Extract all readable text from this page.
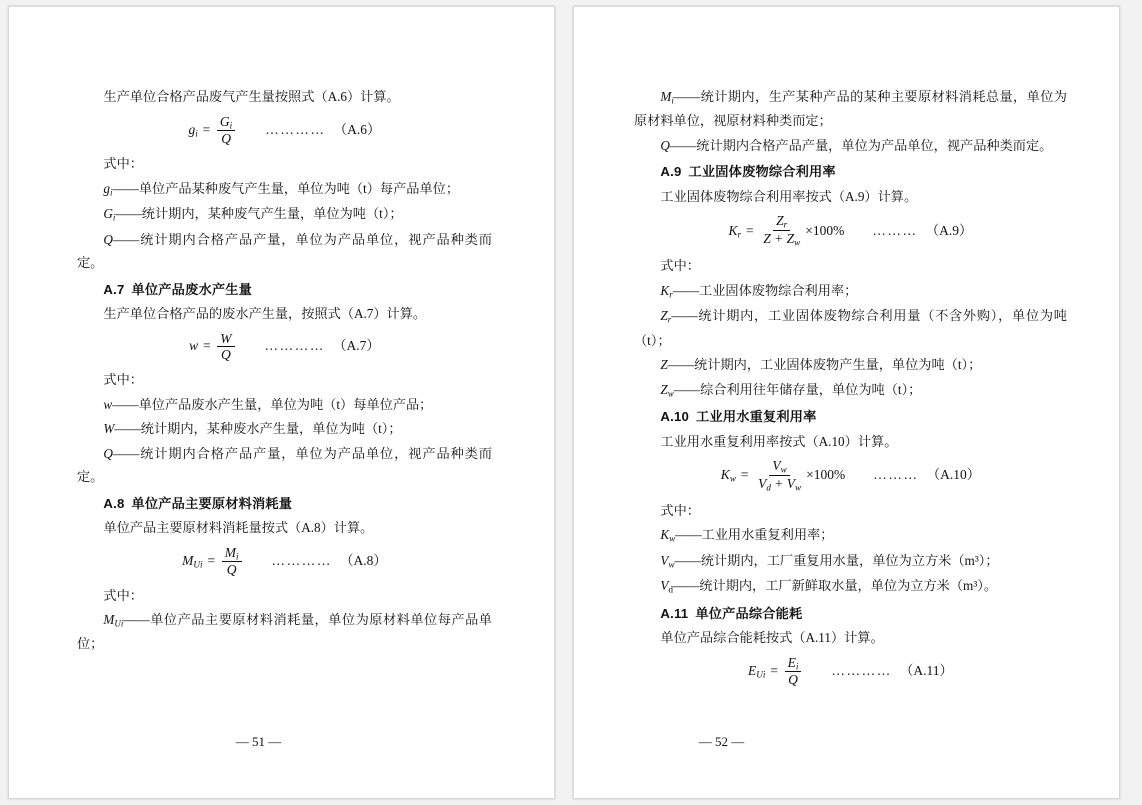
生产单位合格产品废气产生量按照式（A.6）计算。

$g_i = \frac{G_i}{Q}$ ………… （A.6）

式中：

$g_i——$单位产品某种废气产生量，单位为吨（t）每产品单位；

$G_i——$统计期内，某种废气产生量，单位为吨（t）；

Q——统计期内合格产品产量，单位为产品单位，视产品种类而定。

A.7 单位产品废水产生量

生产单位合格产品的废水产生量，按照式（A.7）计算。

$w = \frac{W}{Q}$ ………… （A.7）

式中：

w——单位产品废水产生量，单位为吨（t）每单位产品；

W——统计期内，某种废水产生量，单位为吨（t）；

Q——统计期内合格产品产量，单位为产品单位，视产品种类而定。

A.8 单位产品主要原材料消耗量

单位产品主要原材料消耗量按式（A.8）计算。

$M_{Ui} = \frac{M_i}{Q}$ ………… （A.8）

式中：

$M_{Ui}——$单位产品主要原材料消耗量，单位为原材料单位每产品单位；

— 51 —

$M_i——$统计期内，生产某种产品的某种主要原材料消耗总量，单位为原材料单位，视原材料种类而定；

Q——统计期内合格产品产量，单位为产品单位，视产品种类而定。

A.9 工业固体废物综合利用率

工业固体废物综合利用率按式（A.9）计算。

$K_r = \frac{Z_r}{Z + Z_w} \times 100\%$ ……… （A.9）

式中：

$K_r——$工业固体废物综合利用率；

$Z_r——$统计期内，工业固体废物综合利用量（不含外购），单位为吨（t）；

Z——统计期内，工业固体废物产生量，单位为吨（t）；

$Z_w——$综合利用往年储存量，单位为吨（t）；

A.10 工业用水重复利用率

工业用水重复利用率按式（A.10）计算。

$K_w = \frac{V_w}{V_d + V_w} \times 100\%$ ……… （A.10）

式中：

$K_w——$工业用水重复利用率；

$V_w——$统计期内，工厂重复用水量，单位为立方米（m³）；

$V_d——$统计期内，工厂新鲜取水量，单位为立方米（m³）。

A.11 单位产品综合能耗

单位产品综合能耗按式（A.11）计算。

$E_{Ui} = \frac{E_i}{Q}$ ………… （A.11）
— 52 —
